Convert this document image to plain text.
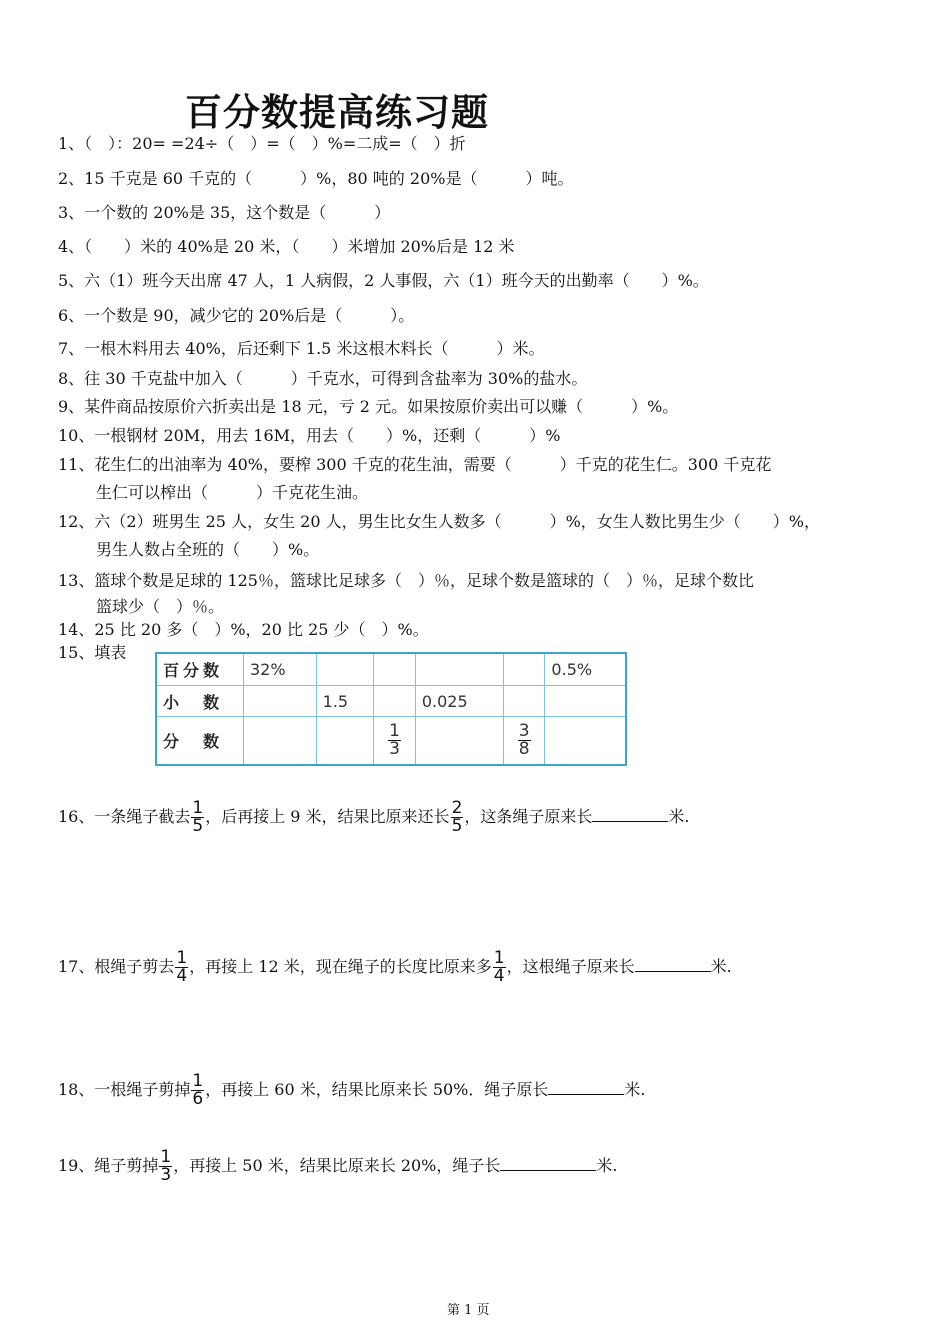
百分数提高练习题

1、（　）：20= =24÷（　）=（　）%=二成=（　）折

2、15 千克是 60 千克的（　　　）%，80 吨的 20%是（　　　）吨。

3、一个数的 20%是 35，这个数是（　　　）

4、（　　）米的 40%是 20 米，（　　）米增加 20%后是 12 米

5、六（1）班今天出席 47 人，1 人病假，2 人事假，六（1）班今天的出勤率（　　）%。

6、一个数是 90，减少它的 20%后是（　　　）。

7、一根木料用去 40%，后还剩下 1.5 米这根木料长（　　　）米。

8、往 30 千克盐中加入（　　　）千克水，可得到含盐率为 30%的盐水。

9、某件商品按原价六折卖出是 18 元，亏 2 元。如果按原价卖出可以赚（　　　）%。

10、一根钢材 20M，用去 16M，用去（　　）%，还剩（　　　）%

11、花生仁的出油率为 40%，要榨 300 千克的花生油，需要（　　　）千克的花生仁。300 千克花

生仁可以榨出（　　　）千克花生油。

12、六（2）班男生 25 人，女生 20 人，男生比女生人数多（　　　）%，女生人数比男生少（　　）%，

男生人数占全班的（　　）%。

13、篮球个数是足球的 125％，篮球比足球多（　）％，足球个数是篮球的（　）％，足球个数比

篮球少（　）％。

14、25 比 20 多（　）%，20 比 25 少（　）%。

15、填表

百分数	32%					0.5%
小　数		1.5		0.025		
分　数			$\frac{1}{3}$		$\frac{3}{8}$

16、一条绳子截去 $\frac{1}{5}$ ，后再接上 9 米，结果比原来还长 $\frac{2}{5}$ ，这条绳子原来长	米.

17、根绳子剪去 $\frac{1}{4}$ ，再接上 12 米，现在绳子的长度比原来多 $\frac{1}{4}$ ，这根绳子原来长	米.

18、一根绳子剪掉 $\frac{1}{6}$ ，再接上 60 米，结果比原来长 50%．绳子原长	米.

19、绳子剪掉 $\frac{1}{3}$ ，再接上 50 米，结果比原来长 20%，绳子长	米.

第 1 页
